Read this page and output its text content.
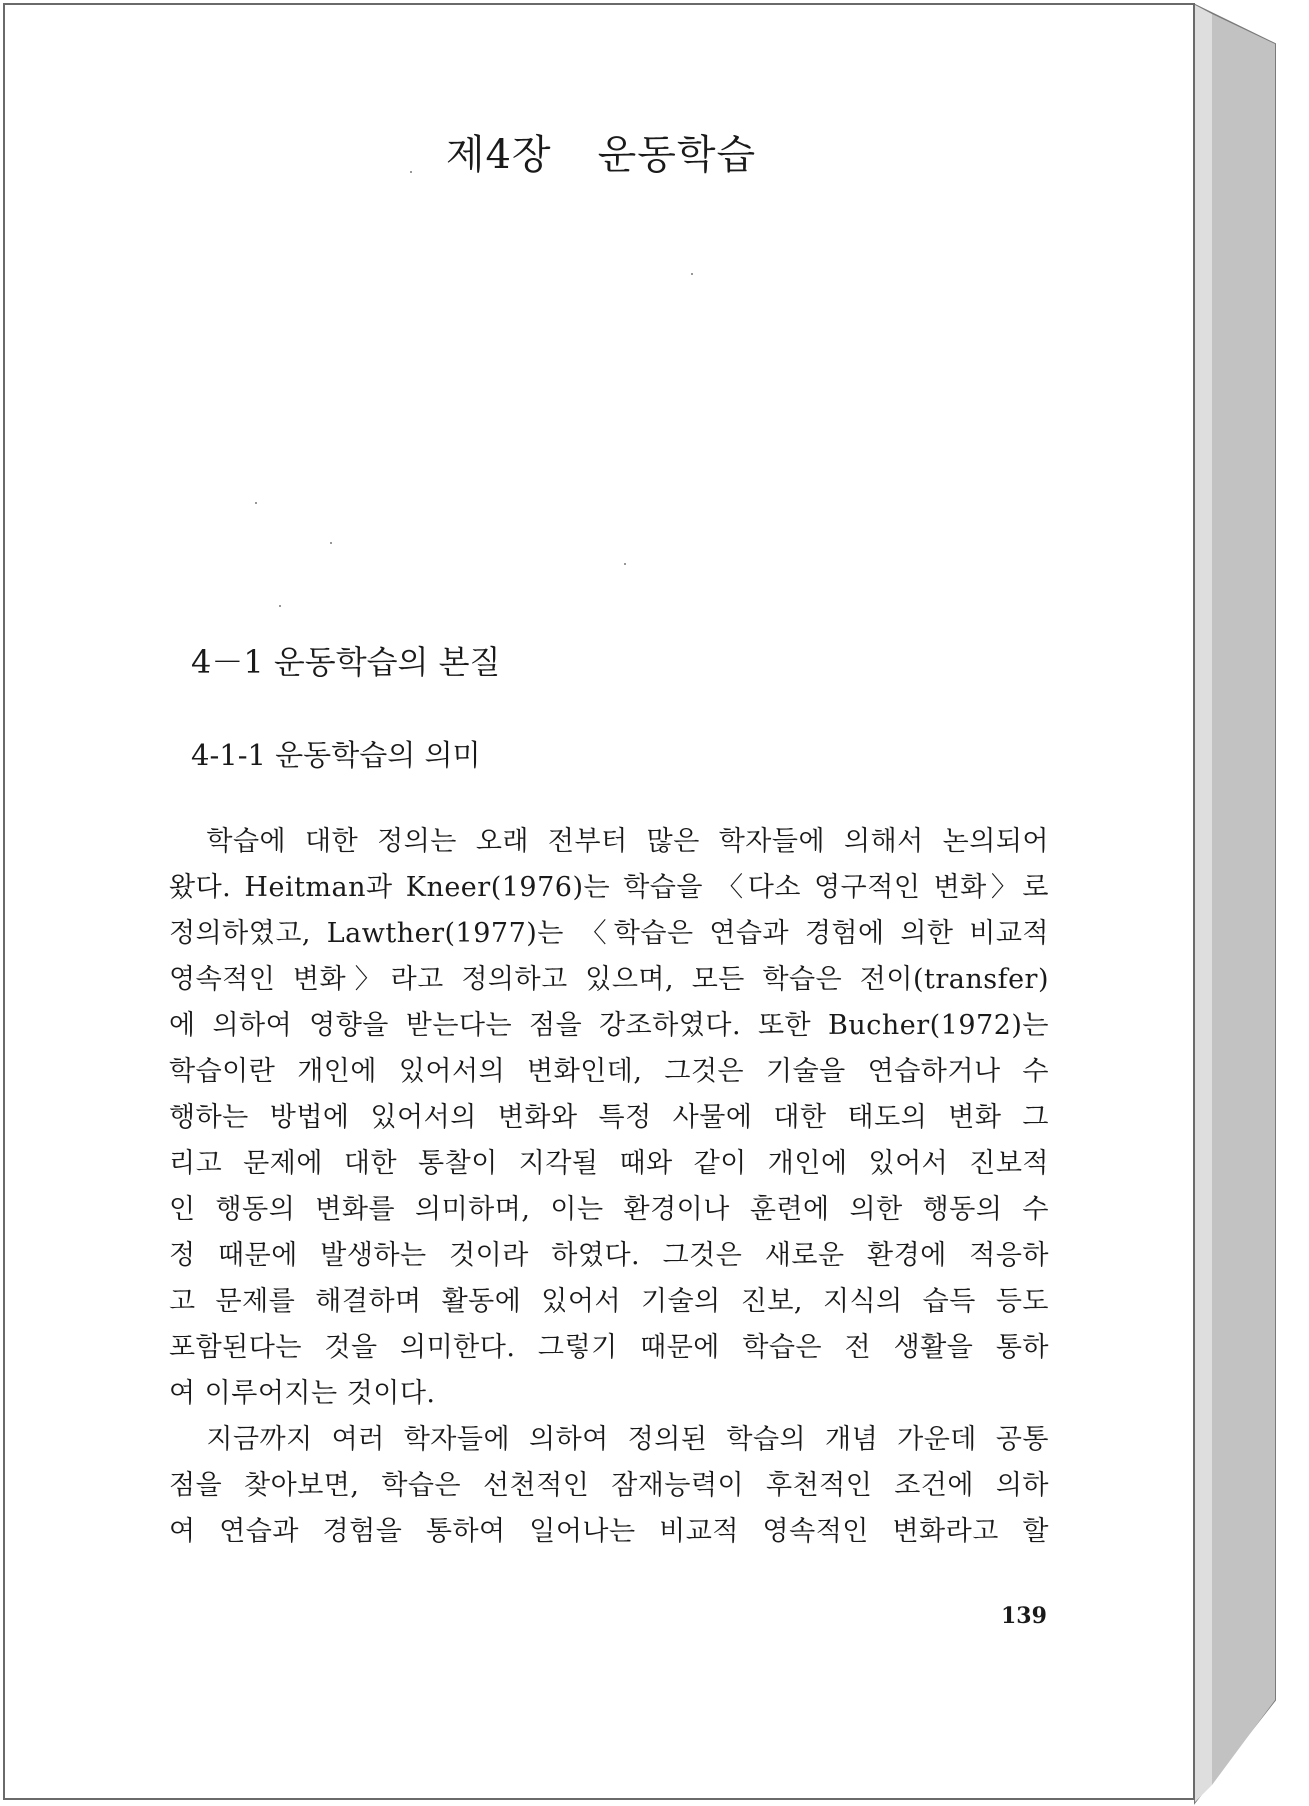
제4장 운동학습
4－1 운동학습의 본질
4-1-1 운동학습의 의미
　학습에 대한 정의는 오래 전부터 많은 학자들에 의해서 논의되어
왔다. Heitman과 Kneer(1976)는 학습을 〈다소 영구적인 변화〉로
정의하였고, Lawther(1977)는 〈학습은 연습과 경험에 의한 비교적
영속적인 변화〉라고 정의하고 있으며, 모든 학습은 전이(transfer)
에 의하여 영향을 받는다는 점을 강조하였다. 또한 Bucher(1972)는
학습이란 개인에 있어서의 변화인데, 그것은 기술을 연습하거나 수
행하는 방법에 있어서의 변화와 특정 사물에 대한 태도의 변화 그
리고 문제에 대한 통찰이 지각될 때와 같이 개인에 있어서 진보적
인 행동의 변화를 의미하며, 이는 환경이나 훈련에 의한 행동의 수
정 때문에 발생하는 것이라 하였다. 그것은 새로운 환경에 적응하
고 문제를 해결하며 활동에 있어서 기술의 진보, 지식의 습득 등도
포함된다는 것을 의미한다. 그렇기 때문에 학습은 전 생활을 통하
여 이루어지는 것이다.
　지금까지 여러 학자들에 의하여 정의된 학습의 개념 가운데 공통
점을 찾아보면, 학습은 선천적인 잠재능력이 후천적인 조건에 의하
여 연습과 경험을 통하여 일어나는 비교적 영속적인 변화라고 할

139
